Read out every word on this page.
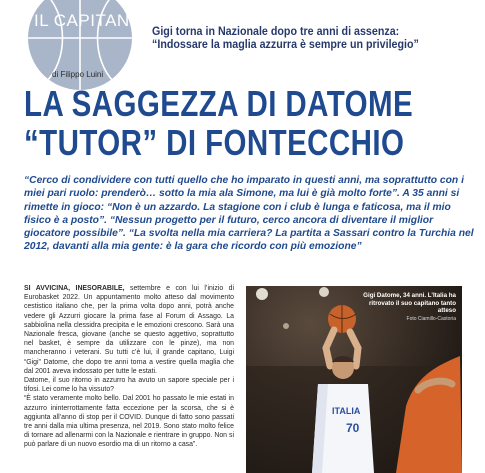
IL CAPITANO
Gigi torna in Nazionale dopo tre anni di assenza:
“Indossare la maglia azzurra è sempre un privilegio”
di Filippo Luini
LA SAGGEZZA DI DATOME
“TUTOR” DI FONTECCHIO
“Cerco di condividere con tutti quello che ho imparato in questi anni, ma soprattutto con i miei pari ruolo: prenderò… sotto la mia ala Simone, ma lui è già molto forte”. A 35 anni si rimette in gioco: “Non è un azzardo. La stagione con i club è lunga e faticosa, ma il mio fisico è a posto”. “Nessun progetto per il futuro, cerco ancora di diventare il miglior giocatore possibile”. “La svolta nella mia carriera? La partita a Sassari contro la Turchia nel 2012, davanti alla mia gente: è la gara che ricordo con più emozione”

SI AVVICINA, INESORABILE, settembre e con lui l’inizio di Eurobasket 2022. Un appuntamento molto atteso dal movimento cestistico italiano che, per la prima volta dopo anni, potrà anche vedere gli Azzurri giocare la prima fase al Forum di Assago. La sabbiolina nella clessidra precipita e le emozioni crescono. Sarà una Nazionale fresca, giovane (anche se questo aggettivo, soprattutto nel basket, è sempre da utilizzare con le pinze), ma non mancheranno i veterani. Su tutti c’è lui, il grande capitano, Luigi “Gigi” Datome, che dopo tre anni torna a vestire quella maglia che dal 2001 aveva indossato per tutte le estati.

Datome, il suo ritorno in azzurro ha avuto un sapore speciale per i tifosi. Lei come lo ha vissuto?

“È stato veramente molto bello. Dal 2001 ho passato le mie estati in azzurro ininterrottamente fatta eccezione per la scorsa, che si è aggiunta all’anno di stop per il COVID. Dunque di fatto sono passati tre anni dalla mia ultima presenza, nel 2019. Sono stato molto felice di tornare ad allenarmi con la Nazionale e rientrare in gruppo. Non si può parlare di un nuovo esordio ma di un ritorno a casa”.

ITALIA
70
Gigi Datome, 34 anni. L’Italia ha ritrovato il suo capitano tanto atteso
Foto Ciamillo-Castoria
